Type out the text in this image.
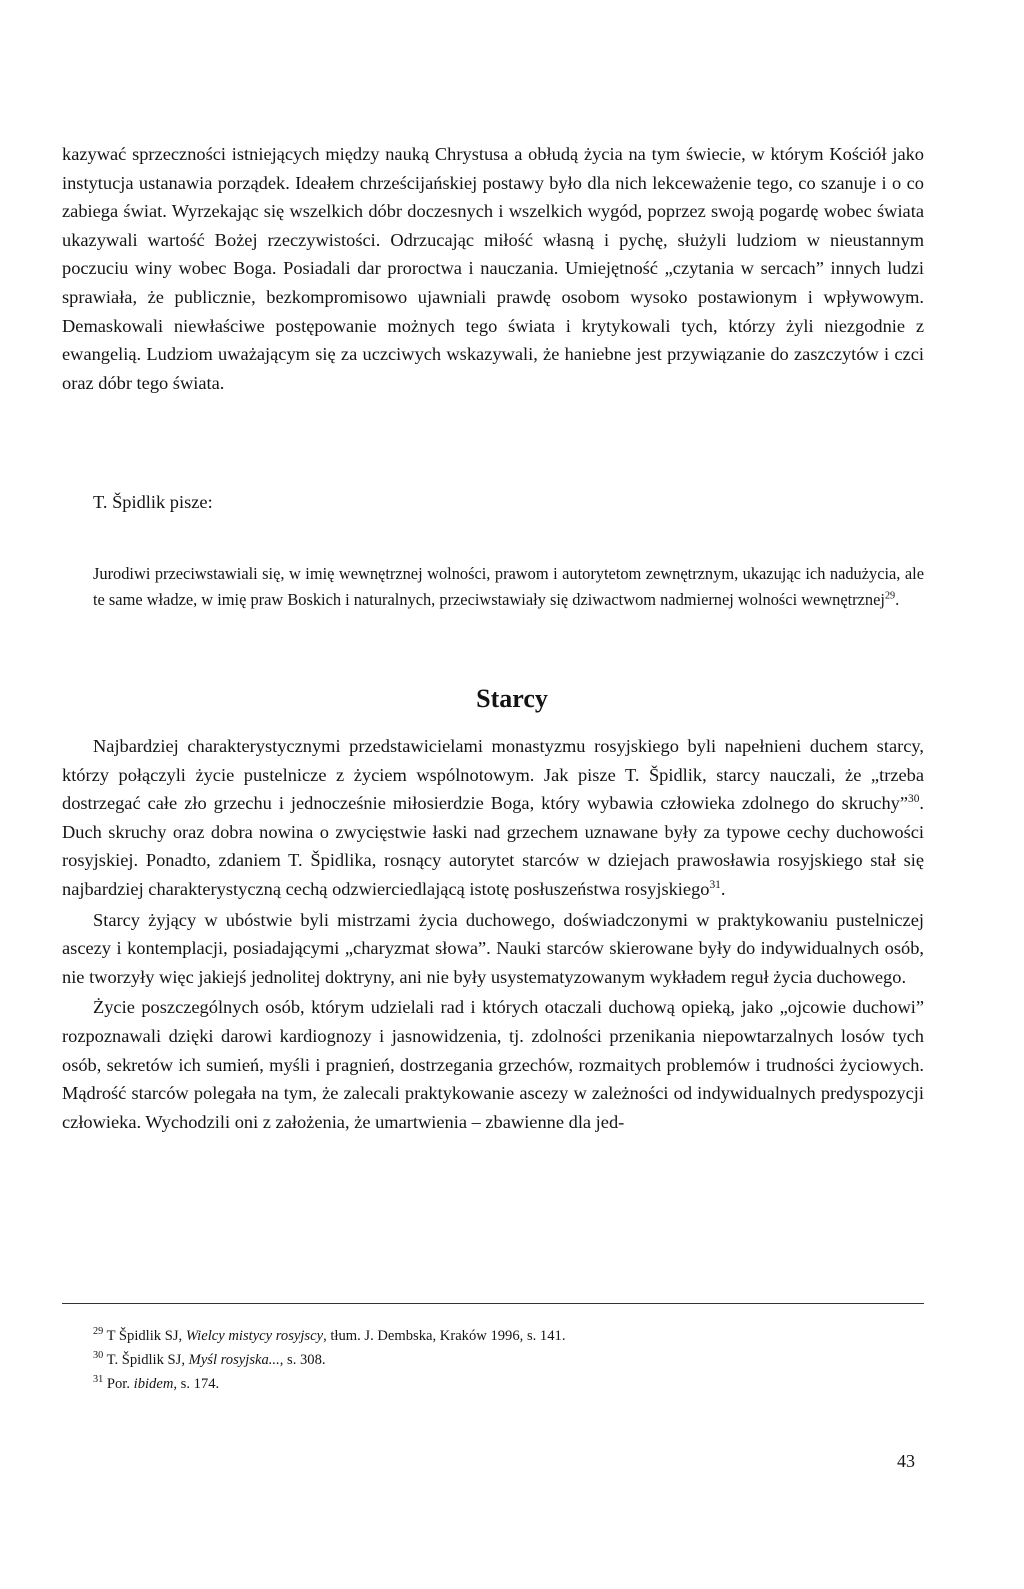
kazywać sprzeczności istniejących między nauką Chrystusa a obłudą życia na tym świecie, w którym Kościół jako instytucja ustanawia porządek. Ideałem chrześcijańskiej postawy było dla nich lekceważenie tego, co szanuje i o co zabiega świat. Wyrzekając się wszelkich dóbr doczesnych i wszelkich wygód, poprzez swoją pogardę wobec świata ukazywali wartość Bożej rzeczywistości. Odrzucając miłość własną i pychę, służyli ludziom w nieustannym poczuciu winy wobec Boga. Posiadali dar proroctwa i nauczania. Umiejętność „czytania w sercach” innych ludzi sprawiała, że publicznie, bezkompromisowo ujawniali prawdę osobom wysoko postawionym i wpływowym. Demaskowali niewłaściwe postępowanie możnych tego świata i krytykowali tych, którzy żyli niezgodnie z ewangelią. Ludziom uważającym się za uczciwych wskazywali, że haniebne jest przywiązanie do zaszczytów i czci oraz dóbr tego świata.

T. Špidlik pisze:

Jurodiwi przeciwstawiali się, w imię wewnętrznej wolności, prawom i autorytetom zewnętrznym, ukazując ich nadużycia, ale te same władze, w imię praw Boskich i naturalnych, przeciwstawiały się dziwactwom nadmiernej wolności wewnętrznej$^{29}$.

Starcy

Najbardziej charakterystycznymi przedstawicielami monastyzmu rosyjskiego byli napełnieni duchem starcy, którzy połączyli życie pustelnicze z życiem wspólnotowym. Jak pisze T. Špidlik, starcy nauczali, że „trzeba dostrzegać całe zło grzechu i jednocześnie miłosierdzie Boga, który wybawia człowieka zdolnego do skruchy”$^{30}$. Duch skruchy oraz dobra nowina o zwycięstwie łaski nad grzechem uznawane były za typowe cechy duchowości rosyjskiej. Ponadto, zdaniem T. Špidlika, rosnący autorytet starców w dziejach prawosławia rosyjskiego stał się najbardziej charakterystyczną cechą odzwierciedlającą istotę posłuszeństwa rosyjskiego$^{31}$.

Starcy żyjący w ubóstwie byli mistrzami życia duchowego, doświadczonymi w praktykowaniu pustelniczej ascezy i kontemplacji, posiadającymi „charyzmat słowa”. Nauki starców skierowane były do indywidualnych osób, nie tworzyły więc jakiejś jednolitej doktryny, ani nie były usystematyzowanym wykładem reguł życia duchowego.

Życie poszczególnych osób, którym udzielali rad i których otaczali duchową opieką, jako „ojcowie duchowi” rozpoznawali dzięki darowi kardiognozy i jasnowidzenia, tj. zdolności przenikania niepowtarzalnych losów tych osób, sekretów ich sumień, myśli i pragnień, dostrzegania grzechów, rozmaitych problemów i trudności życiowych. Mądrość starców polegała na tym, że zalecali praktykowanie ascezy w zależności od indywidualnych predyspozycji człowieka. Wychodzili oni z założenia, że umartwienia – zbawienne dla jed-

$^{29}$ T Špidlik SJ, Wielcy mistycy rosyjscy, tłum. J. Dembska, Kraków 1996, s. 141.
$^{30}$ T. Špidlik SJ, Myśl rosyjska..., s. 308.
$^{31}$ Por. ibidem, s. 174.
43
